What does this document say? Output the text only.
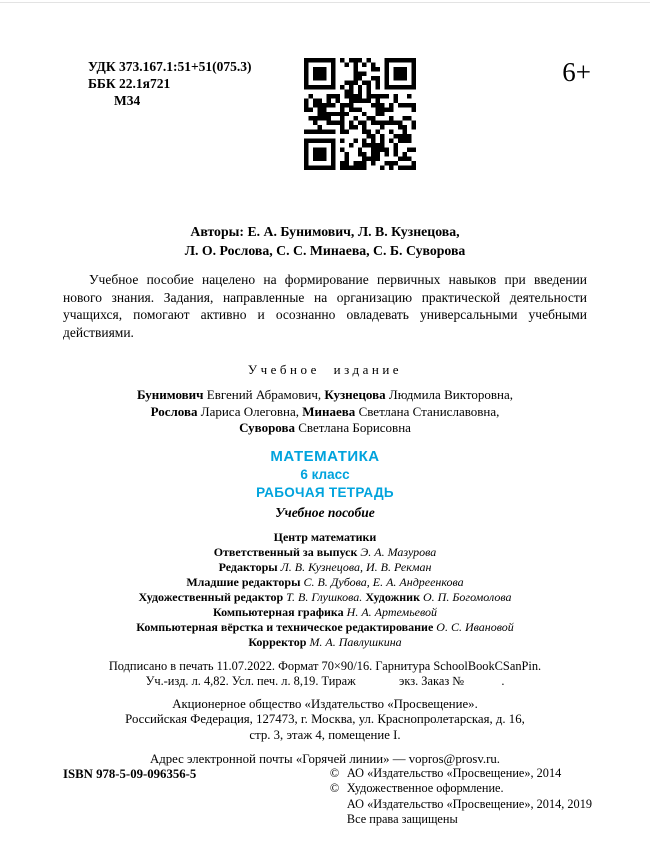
УДК 373.167.1:51+51(075.3)
ББК 22.1я721
М34
6+
Авторы: Е. А. Бунимович, Л. В. Кузнецова,
Л. О. Рослова, С. С. Минаева, С. Б. Суворова

Учебное пособие нацелено на формирование первичных навыков при введении нового знания. Задания, направленные на организацию практической деятельности учащихся, помогают активно и осознанно овладевать универсальными учебными действиями.

Учебное издание
Бунимович Евгений Абрамович, Кузнецова Людмила Викторовна,
Рослова Лариса Олеговна, Минаева Светлана Станиславовна,
Суворова Светлана Борисовна
МАТЕМАТИКА
6 класс
РАБОЧАЯ ТЕТРАДЬ
Учебное пособие
Центр математики
Ответственный за выпуск Э. А. Мазурова
Редакторы Л. В. Кузнецова, И. В. Рекман
Младшие редакторы С. В. Дубова, Е. А. Андреенкова
Художественный редактор Т. В. Глушкова. Художник О. П. Богомолова
Компьютерная графика Н. А. Артемьевой
Компьютерная вёрстка и техническое редактирование О. С. Ивановой
Корректор М. А. Павлушкина
Подписано в печать 11.07.2022. Формат 70×90/16. Гарнитура SchoolBookCSanPin.
Уч.-изд. л. 4,82. Усл. печ. л. 8,19. Тираж              экз. Заказ №            .
Акционерное общество «Издательство «Просвещение».
Российская Федерация, 127473, г. Москва, ул. Краснопролетарская, д. 16,
стр. 3, этаж 4, помещение I.
Адрес электронной почты «Горячей линии» — vopros@prosv.ru.
ISBN 978-5-09-096356-5	© АО «Издательство «Просвещение», 2014
© Художественное оформление.
АО «Издательство «Просвещение», 2014, 2019
Все права защищены
